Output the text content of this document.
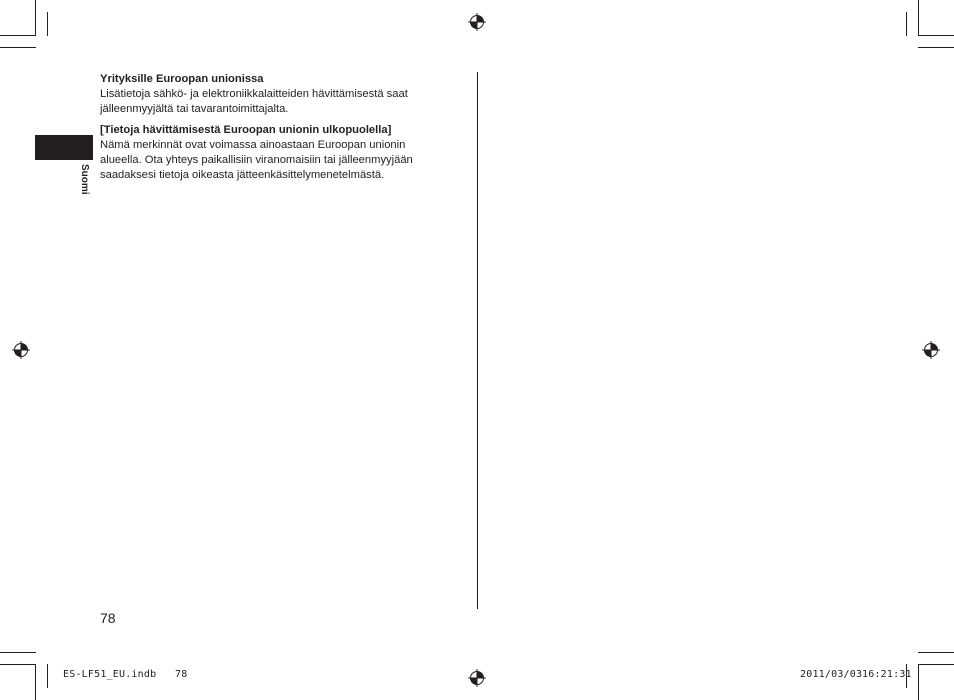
Suomi
Yrityksille Euroopan unionissa
Lisätietoja sähkö- ja elektroniikkalaitteiden hävittämisestä saat jälleenmyyjältä tai tavarantoimittajalta.
[Tietoja hävittämisestä Euroopan unionin ulkopuolella]
Nämä merkinnät ovat voimassa ainoastaan Euroopan unionin alueella. Ota yhteys paikallisiin viranomaisiin tai jälleenmyyjään saadaksesi tietoja oikeasta jätteenkäsittelymenetelmästä.
78
ES-LF51_EU.indb   78	2011/03/03 16:21:31
